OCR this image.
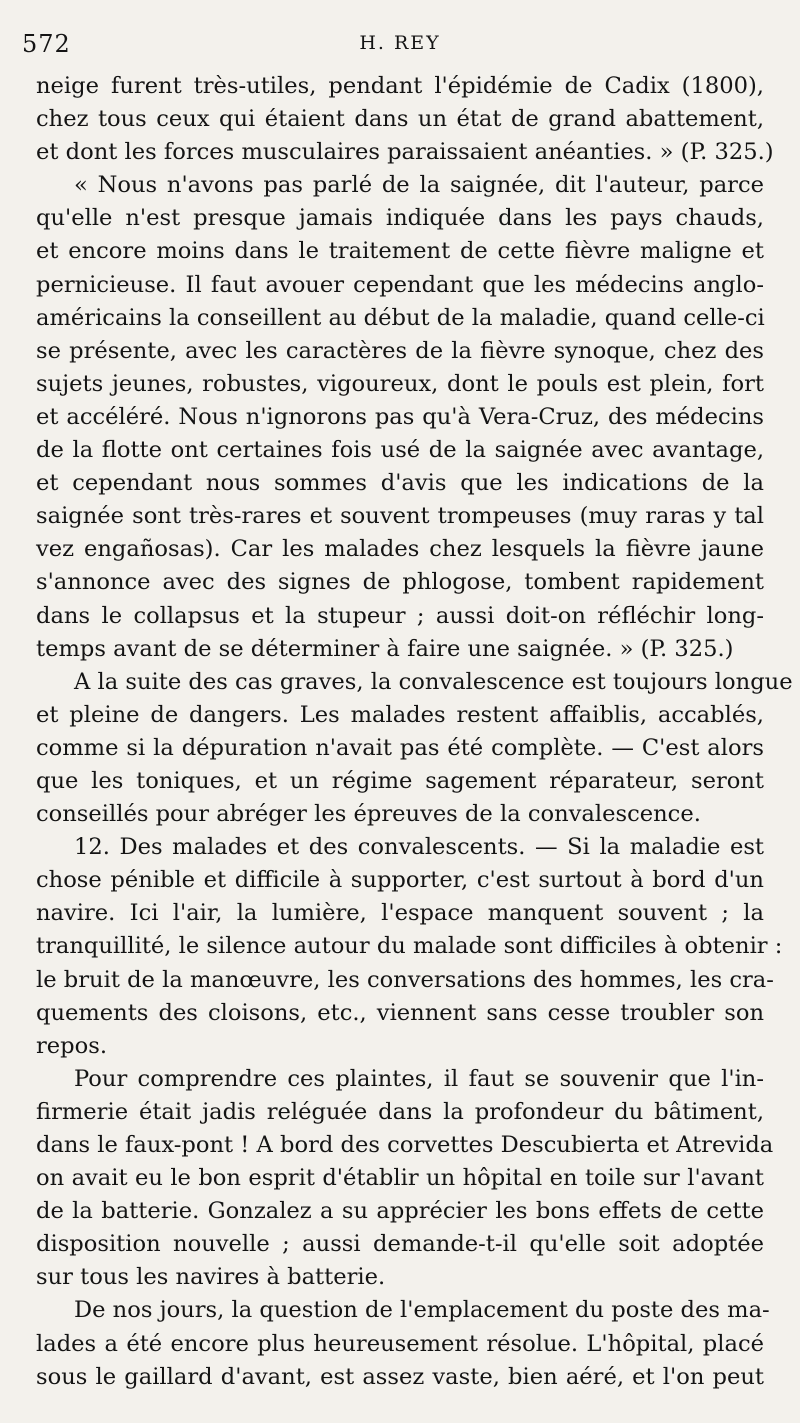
572	H. REY
neige furent très-utiles, pendant l'épidémie de Cadix (1800),
chez tous ceux qui étaient dans un état de grand abattement,
et dont les forces musculaires paraissaient anéanties. » (P. 325.)
« Nous n'avons pas parlé de la saignée, dit l'auteur, parce
qu'elle n'est presque jamais indiquée dans les pays chauds,
et encore moins dans le traitement de cette fièvre maligne et
pernicieuse. Il faut avouer cependant que les médecins anglo-
américains la conseillent au début de la maladie, quand celle-ci
se présente, avec les caractères de la fièvre synoque, chez des
sujets jeunes, robustes, vigoureux, dont le pouls est plein, fort
et accéléré. Nous n'ignorons pas qu'à Vera-Cruz, des médecins
de la flotte ont certaines fois usé de la saignée avec avantage,
et cependant nous sommes d'avis que les indications de la
saignée sont très-rares et souvent trompeuses (muy raras y tal
vez engañosas). Car les malades chez lesquels la fièvre jaune
s'annonce avec des signes de phlogose, tombent rapidement
dans le collapsus et la stupeur ; aussi doit-on réfléchir long-
temps avant de se déterminer à faire une saignée. » (P. 325.)
A la suite des cas graves, la convalescence est toujours longue
et pleine de dangers. Les malades restent affaiblis, accablés,
comme si la dépuration n'avait pas été complète. — C'est alors
que les toniques, et un régime sagement réparateur, seront
conseillés pour abréger les épreuves de la convalescence.
12. Des malades et des convalescents. — Si la maladie est
chose pénible et difficile à supporter, c'est surtout à bord d'un
navire. Ici l'air, la lumière, l'espace manquent souvent ; la
tranquillité, le silence autour du malade sont difficiles à obtenir :
le bruit de la manœuvre, les conversations des hommes, les cra-
quements des cloisons, etc., viennent sans cesse troubler son
repos.
Pour comprendre ces plaintes, il faut se souvenir que l'in-
firmerie était jadis reléguée dans la profondeur du bâtiment,
dans le faux-pont ! A bord des corvettes Descubierta et Atrevida
on avait eu le bon esprit d'établir un hôpital en toile sur l'avant
de la batterie. Gonzalez a su apprécier les bons effets de cette
disposition nouvelle ; aussi demande-t-il qu'elle soit adoptée
sur tous les navires à batterie.
De nos jours, la question de l'emplacement du poste des ma-
lades a été encore plus heureusement résolue. L'hôpital, placé
sous le gaillard d'avant, est assez vaste, bien aéré, et l'on peut
